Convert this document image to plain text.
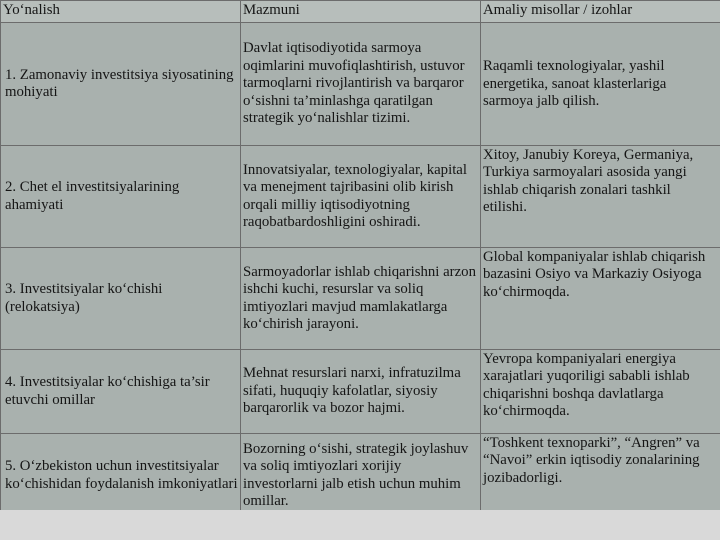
Yo‘nalish	Mazmuni	Amaliy misollar / izohlar
1. Zamonaviy investitsiya siyosatining mohiyati	Davlat iqtisodiyotida sarmoya oqimlarini muvofiqlashtirish, ustuvor tarmoqlarni rivojlantirish va barqaror o‘sishni ta’minlashga qaratilgan strategik yo‘nalishlar tizimi.	Raqamli texnologiyalar, yashil energetika, sanoat klasterlariga sarmoya jalb qilish.
2. Chet el investitsiyalarining ahamiyati	Innovatsiyalar, texnologiyalar, kapital va menejment tajribasini olib kirish orqali milliy iqtisodiyotning raqobatbardoshligini oshiradi.	Xitoy, Janubiy Koreya, Germaniya, Turkiya sarmoyalari asosida yangi ishlab chiqarish zonalari tashkil etilishi.
3. Investitsiyalar ko‘chishi (relokatsiya)	Sarmoyadorlar ishlab chiqarishni arzon ishchi kuchi, resurslar va soliq imtiyozlari mavjud mamlakatlarga ko‘chirish jarayoni.	Global kompaniyalar ishlab chiqarish bazasini Osiyo va Markaziy Osiyoga ko‘chirmoqda.
4. Investitsiyalar ko‘chishiga ta’sir etuvchi omillar	Mehnat resurslari narxi, infratuzilma sifati, huquqiy kafolatlar, siyosiy barqarorlik va bozor hajmi.	Yevropa kompaniyalari energiya xarajatlari yuqoriligi sababli ishlab chiqarishni boshqa davlatlarga ko‘chirmoqda.
5. O‘zbekiston uchun investitsiyalar ko‘chishidan foydalanish imkoniyatlari	Bozorning o‘sishi, strategik joylashuv va soliq imtiyozlari xorijiy investorlarni jalb etish uchun muhim omillar.	“Toshkent texnoparki”, “Angren” va “Navoi” erkin iqtisodiy zonalarining jozibadorligi.
